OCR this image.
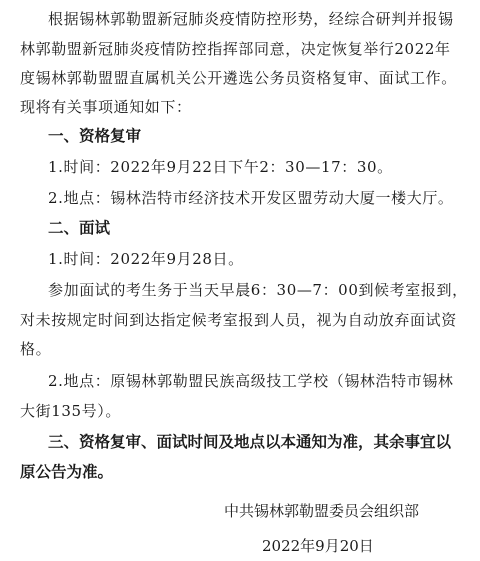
根据锡林郭勒盟新冠肺炎疫情防控形势，经综合研判并报锡

林郭勒盟新冠肺炎疫情防控指挥部同意，决定恢复举行2022年

度锡林郭勒盟盟直属机关公开遴选公务员资格复审、面试工作。

现将有关事项通知如下：

一、资格复审

1.时间：2022年9月22日下午2：30—17：30。

2.地点：锡林浩特市经济技术开发区盟劳动大厦一楼大厅。

二、面试

1.时间：2022年9月28日。

参加面试的考生务于当天早晨6：30—7：00到候考室报到，

对未按规定时间到达指定候考室报到人员，视为自动放弃面试资

格。

2.地点：原锡林郭勒盟民族高级技工学校（锡林浩特市锡林

大街135号）。

三、资格复审、面试时间及地点以本通知为准，其余事宜以

原公告为准。

中共锡林郭勒盟委员会组织部
2022年9月20日
